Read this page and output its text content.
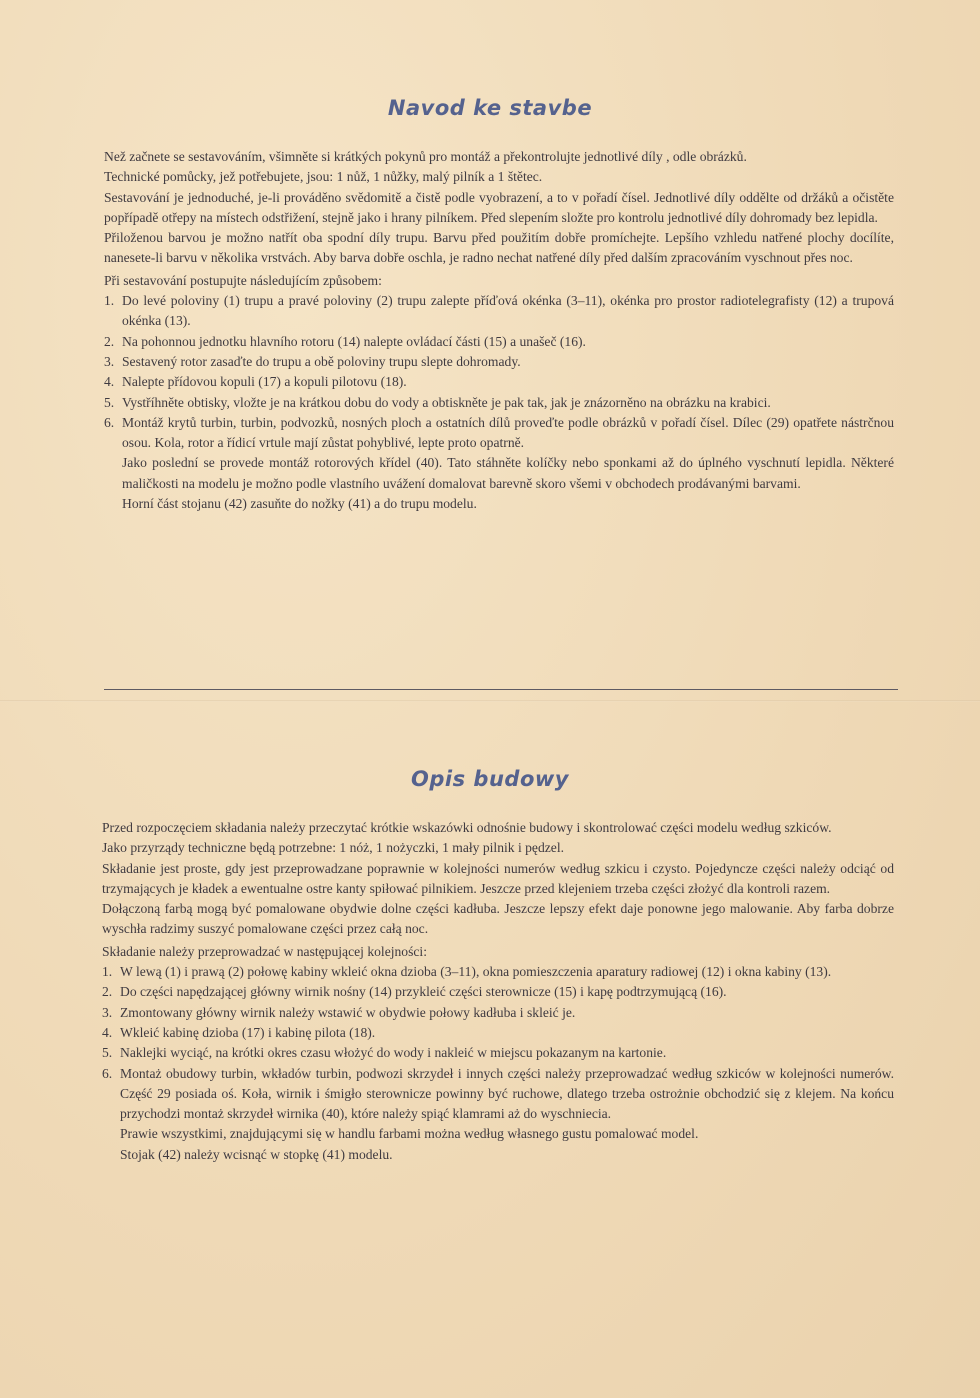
Navod ke stavbe

Než začnete se sestavováním, všimněte si krátkých pokynů pro montáž a překontrolujte jednotlivé díly , odle obrázků.

Technické pomůcky, jež potřebujete, jsou: 1 nůž, 1 nůžky, malý pilník a 1 štětec.

Sestavování je jednoduché, je-li prováděno svědomitě a čistě podle vyobrazení, a to v pořadí čísel. Jednotlivé díly oddělte od držáků a očistěte popřípadě otřepy na místech odstřižení, stejně jako i hrany pilníkem. Před slepením složte pro kontrolu jednotlivé díly dohromady bez lepidla.

Přiloženou barvou je možno natřít oba spodní díly trupu. Barvu před použitím dobře promíchejte. Lepšího vzhledu natřené plochy docílíte, nanesete-li barvu v několika vrstvách. Aby barva dobře oschla, je radno nechat natřené díly před dalším zpracováním vyschnout přes noc.

Při sestavování postupujte následujícím způsobem:

1. Do levé poloviny (1) trupu a pravé poloviny (2) trupu zalepte příďová okénka (3–11), okénka pro prostor radiotelegrafisty (12) a trupová okénka (13).
2. Na pohonnou jednotku hlavního rotoru (14) nalepte ovládací části (15) a unašeč (16).
3. Sestavený rotor zasaďte do trupu a obě poloviny trupu slepte dohromady.
4. Nalepte přídovou kopuli (17) a kopuli pilotovu (18).
5. Vystříhněte obtisky, vložte je na krátkou dobu do vody a obtiskněte je pak tak, jak je znázorněno na obrázku na krabici.
6. Montáž krytů turbin, turbin, podvozků, nosných ploch a ostatních dílů proveďte podle obrázků v pořadí čísel. Dílec (29) opatřete nástrčnou osou. Kola, rotor a řídicí vrtule mají zůstat pohyblivé, lepte proto opatrně.

Jako poslední se provede montáž rotorových křídel (40). Tato stáhněte kolíčky nebo sponkami až do úplného vyschnutí lepidla. Některé maličkosti na modelu je možno podle vlastního uvážení domalovat barevně skoro všemi v obchodech prodávanými barvami.

Horní část stojanu (42) zasuňte do nožky (41) a do trupu modelu.

Opis budowy

Przed rozpoczęciem składania należy przeczytać krótkie wskazówki odnośnie budowy i skontrolować części modelu według szkiców.

Jako przyrządy techniczne będą potrzebne: 1 nóż, 1 nożyczki, 1 mały pilnik i pędzel.

Składanie jest proste, gdy jest przeprowadzane poprawnie w kolejności numerów według szkicu i czysto. Pojedyncze części należy odciąć od trzymających je kładek a ewentualne ostre kanty spiłować pilnikiem. Jeszcze przed klejeniem trzeba części złożyć dla kontroli razem.

Dołączoną farbą mogą być pomalowane obydwie dolne części kadłuba. Jeszcze lepszy efekt daje ponowne jego malowanie. Aby farba dobrze wyschła radzimy suszyć pomalowane części przez całą noc.

Składanie należy przeprowadzać w następującej kolejności:

1. W lewą (1) i prawą (2) połowę kabiny wkleić okna dzioba (3–11), okna pomieszczenia aparatury radiowej (12) i okna kabiny (13).
2. Do części napędzającej główny wirnik nośny (14) przykleić części sterownicze (15) i kapę podtrzymującą (16).
3. Zmontowany główny wirnik należy wstawić w obydwie połowy kadłuba i skleić je.
4. Wkleić kabinę dzioba (17) i kabinę pilota (18).
5. Naklejki wyciąć, na krótki okres czasu włożyć do wody i nakleić w miejscu pokazanym na kartonie.
6. Montaż obudowy turbin, wkładów turbin, podwozi skrzydeł i innych części należy przeprowadzać według szkiców w kolejności numerów. Część 29 posiada oś. Koła, wirnik i śmigło sterownicze powinny być ruchowe, dlatego trzeba ostrożnie obchodzić się z klejem. Na końcu przychodzi montaż skrzydeł wirnika (40), które należy spiąć klamrami aż do wyschniecia.

Prawie wszystkimi, znajdującymi się w handlu farbami można według własnego gustu pomalować model.

Stojak (42) należy wcisnąć w stopkę (41) modelu.
